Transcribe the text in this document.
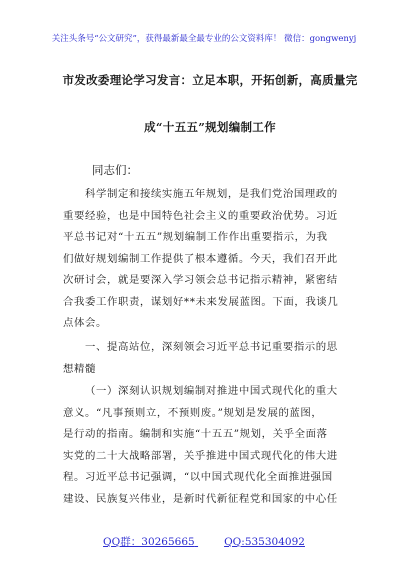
关注头条号“公文研究”，获得最新最全最专业的公文资料库！ 微信：gongwenyj
市发改委理论学习发言：立足本职，开拓创新，高质量完
成“十五五”规划编制工作
同志们：
科学制定和接续实施五年规划，是我们党治国理政的
重要经验，也是中国特色社会主义的重要政治优势。习近
平总书记对“十五五”规划编制工作作出重要指示，为我
们做好规划编制工作提供了根本遵循。今天，我们召开此
次研讨会，就是要深入学习领会总书记指示精神，紧密结
合我委工作职责，谋划好**未来发展蓝图。下面，我谈几
点体会。
一、提高站位，深刻领会习近平总书记重要指示的思
想精髓
（一）深刻认识规划编制对推进中国式现代化的重大
意义。“凡事预则立，不预则废。”规划是发展的蓝图，
是行动的指南。编制和实施“十五五”规划，关乎全面落
实党的二十大战略部署，关乎推进中国式现代化的伟大进
程。习近平总书记强调，“以中国式现代化全面推进强国
建设、民族复兴伟业，是新时代新征程党和国家的中心任
QQ群：30265665	QQ:535304092
